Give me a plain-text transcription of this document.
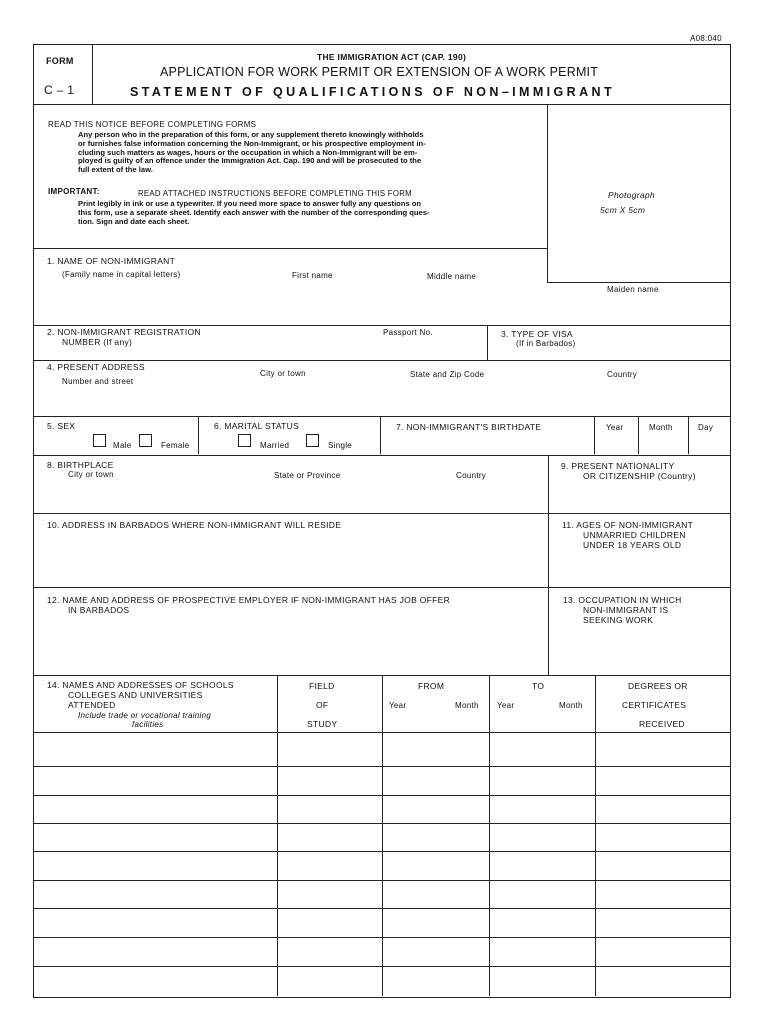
A08:040
FORM
C – 1
THE IMMIGRATION ACT (CAP. 190)
APPLICATION FOR WORK PERMIT OR EXTENSION OF A WORK PERMIT
STATEMENT OF QUALIFICATIONS OF NON–IMMIGRANT
READ THIS NOTICE BEFORE COMPLETING FORMS
Any person who in the preparation of this form, or any supplement thereto knowingly withholds
or furnishes false information concerning the Non-Immigrant, or his prospective employment in-
cluding such matters as wages, hours or the occupation in which a Non-Immigrant will be em-
ployed is guilty of an offence under the Immigration Act. Cap. 190 and will be prosecuted to the
full extent of the law.
IMPORTANT:	READ ATTACHED INSTRUCTIONS BEFORE COMPLETING THIS FORM
Print legibly in ink or use a typewriter. If you need more space to answer fully any questions on
this form, use a separate sheet. Identify each answer with the number of the corresponding ques-
tion. Sign and date each sheet.
Photograph
5cm X 5cm
1. NAME OF NON-IMMIGRANT
(Family name in capital letters)	First name	Middle name
Maiden name
2. NON-IMMIGRANT REGISTRATION
NUMBER (If any)
Passport No.	3. TYPE OF VISA
(If in Barbados)
4. PRESENT ADDRESS
Number and street
City or town	State and Zip Code	Country
5. SEX
Male	Female
6. MARITAL STATUS
Married	Single
7. NON-IMMIGRANT'S BIRTHDATE	Year	Month	Day
8. BIRTHPLACE
City or town	State or Province	Country
9. PRESENT NATIONALITY
OR CITIZENSHIP (Country)
10. ADDRESS IN BARBADOS WHERE NON-IMMIGRANT WILL RESIDE	11. AGES OF NON-IMMIGRANT
UNMARRIED CHILDREN
UNDER 18 YEARS OLD
12. NAME AND ADDRESS OF PROSPECTIVE EMPLOYER IF NON-IMMIGRANT HAS JOB OFFER
IN BARBADOS
13. OCCUPATION IN WHICH
NON-IMMIGRANT IS
SEEKING WORK
14. NAMES AND ADDRESSES OF SCHOOLS
COLLEGES AND UNIVERSITIES
ATTENDED
Include trade or vocational training
facilities
FIELD
OF
STUDY
FROM
Year	Month
TO
Year	Month
DEGREES OR
CERTIFICATES
RECEIVED
